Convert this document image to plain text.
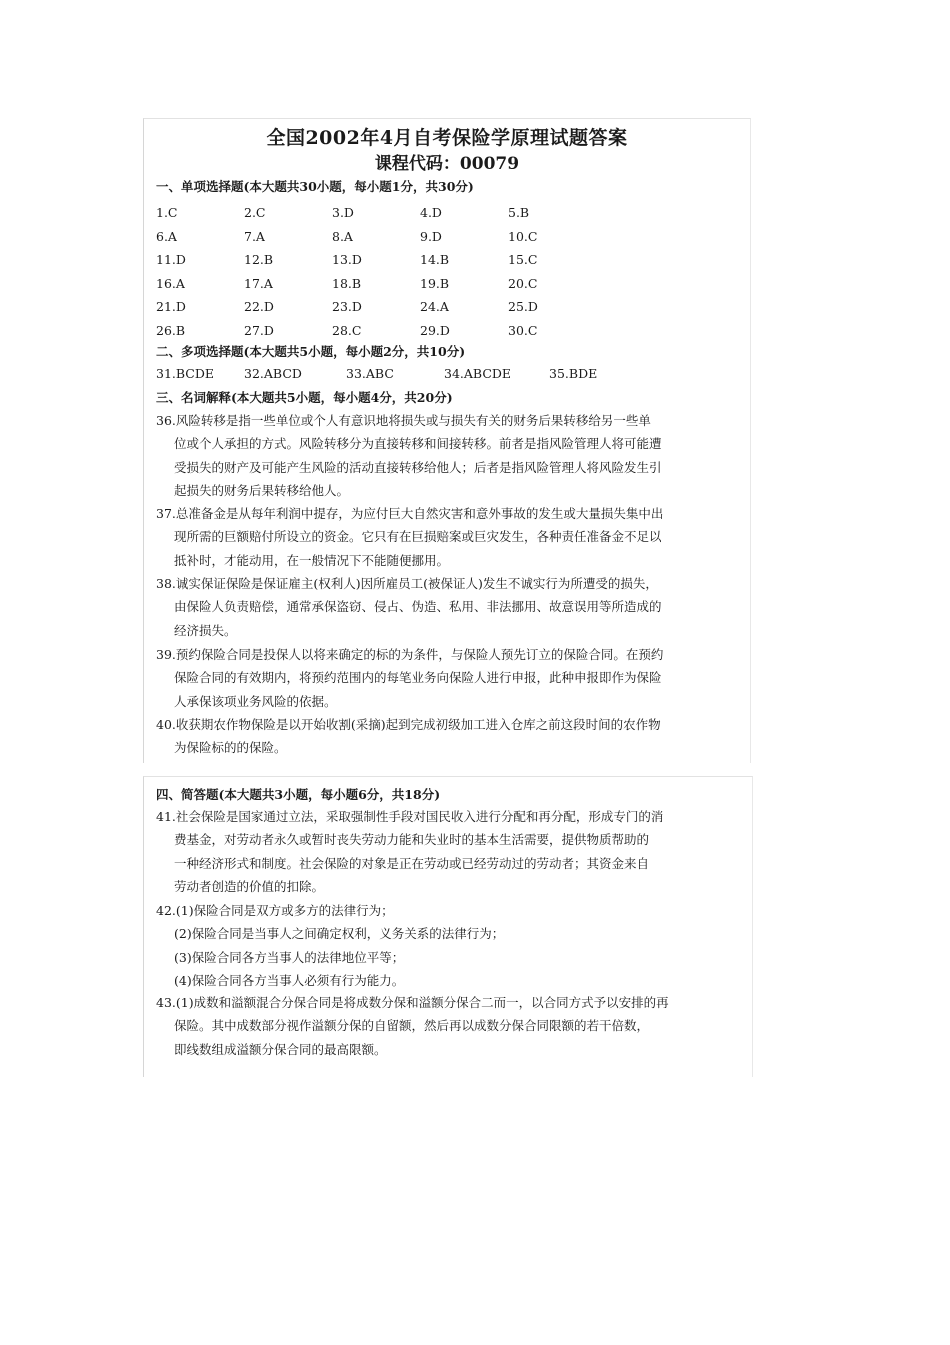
全国2002年4月自考保险学原理试题答案
课程代码：00079
一、单项选择题(本大题共30小题，每小题1分，共30分)
1.C	2.C	3.D	4.D	5.B
6.A	7.A	8.A	9.D	10.C
11.D	12.B	13.D	14.B	15.C
16.A	17.A	18.B	19.B	20.C
21.D	22.D	23.D	24.A	25.D
26.B	27.D	28.C	29.D	30.C
二、多项选择题(本大题共5小题，每小题2分，共10分)
31.BCDE	32.ABCD	33.ABC	34.ABCDE	35.BDE
三、名词解释(本大题共5小题，每小题4分，共20分)
36.风险转移是指一些单位或个人有意识地将损失或与损失有关的财务后果转移给另一些单
位或个人承担的方式。风险转移分为直接转移和间接转移。前者是指风险管理人将可能遭
受损失的财产及可能产生风险的活动直接转移给他人；后者是指风险管理人将风险发生引
起损失的财务后果转移给他人。
37.总准备金是从每年利润中提存，为应付巨大自然灾害和意外事故的发生或大量损失集中出
现所需的巨额赔付所设立的资金。它只有在巨损赔案或巨灾发生，各种责任准备金不足以
抵补时，才能动用，在一般情况下不能随便挪用。
38.诚实保证保险是保证雇主(权利人)因所雇员工(被保证人)发生不诚实行为所遭受的损失，
由保险人负责赔偿，通常承保盗窃、侵占、伪造、私用、非法挪用、故意误用等所造成的
经济损失。
39.预约保险合同是投保人以将来确定的标的为条件，与保险人预先订立的保险合同。在预约
保险合同的有效期内，将预约范围内的每笔业务向保险人进行申报，此种申报即作为保险
人承保该项业务风险的依据。
40.收获期农作物保险是以开始收割(采摘)起到完成初级加工进入仓库之前这段时间的农作物
为保险标的的保险。
四、简答题(本大题共3小题，每小题6分，共18分)
41.社会保险是国家通过立法，采取强制性手段对国民收入进行分配和再分配，形成专门的消
费基金，对劳动者永久或暂时丧失劳动力能和失业时的基本生活需要，提供物质帮助的
一种经济形式和制度。社会保险的对象是正在劳动或已经劳动过的劳动者；其资金来自
劳动者创造的价值的扣除。
42.(1)保险合同是双方或多方的法律行为；
(2)保险合同是当事人之间确定权利，义务关系的法律行为；
(3)保险合同各方当事人的法律地位平等；
(4)保险合同各方当事人必须有行为能力。
43.(1)成数和溢额混合分保合同是将成数分保和溢额分保合二而一，以合同方式予以安排的再
保险。其中成数部分视作溢额分保的自留额，然后再以成数分保合同限额的若干倍数，
即线数组成溢额分保合同的最高限额。
